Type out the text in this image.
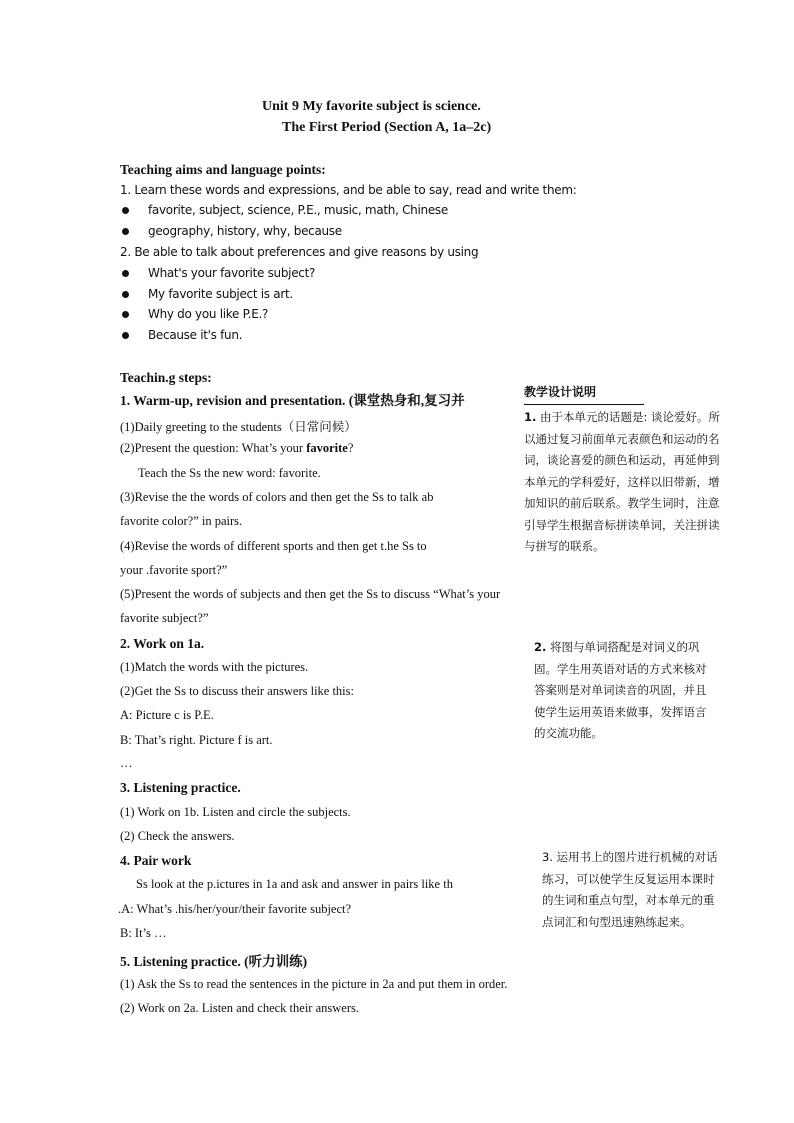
Unit 9 My favorite subject is science.
The First Period (Section A, 1a–2c)
Teaching aims and language points:
1. Learn these words and expressions, and be able to say, read and write them:
favorite, subject, science, P.E., music, math, Chinese
geography, history, why, because
2. Be able to talk about preferences and give reasons by using
What's your favorite subject?
My favorite subject is art.
Why do you like P.E.?
Because it's fun.
Teachin.g steps:
1. Warm-up, revision and presentation. (课堂热身和,复习并
(1)Daily greeting to the students（日常问候）
(2)Present the question: What’s your favorite?
Teach the Ss the new word: favorite.
(3)Revise the the words of colors and then get the Ss to talk ab
favorite color?” in pairs.
(4)Revise the words of different sports and then get t.he Ss to
your .favorite sport?”
(5)Present the words of subjects and then get the Ss to discuss “What’s your
favorite subject?”
2. Work on 1a.
(1)Match the words with the pictures.
(2)Get the Ss to discuss their answers like this:
A: Picture c is P.E.
B: That’s right. Picture f is art.
…
3. Listening practice.
(1) Work on 1b. Listen and circle the subjects.
(2) Check the answers.
4. Pair work
Ss look at the p.ictures in 1a and ask and answer in pairs like th
.A: What’s .his/her/your/their favorite subject?
B: It’s …
5. Listening practice. (听力训练)
(1) Ask the Ss to read the sentences in the picture in 2a and put them in order.
(2) Work on 2a. Listen and check their answers.
教学设计说明
1. 由于本单元的话题是: 谈论爱好。所以通过复习前面单元表颜色和运动的名词，谈论喜爱的颜色和运动，再延伸到本单元的学科爱好，这样以旧带新，增加知识的前后联系。教学生词时，注意引导学生根据音标拼读单词，关注拼读与拼写的联系。
2. 将图与单词搭配是对词义的巩固。学生用英语对话的方式来核对答案则是对单词读音的巩固，并且使学生运用英语来做事，发挥语言的交流功能。
3. 运用书上的图片进行机械的对话练习，可以使学生反复运用本课时的生词和重点句型，对本单元的重点词汇和句型迅速熟练起来。
